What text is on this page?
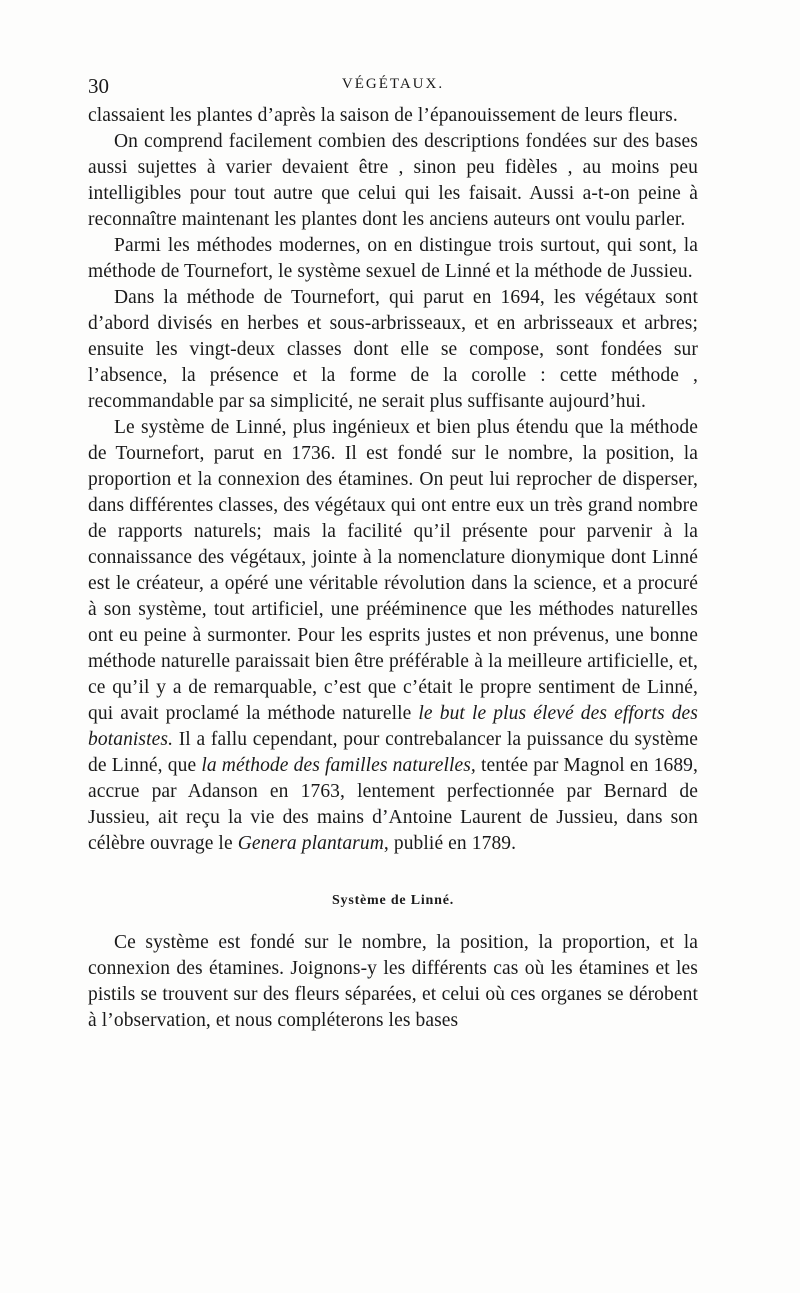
30	VÉGÉTAUX.

classaient les plantes d’après la saison de l’épanouissement de leurs fleurs.

On comprend facilement combien des descriptions fondées sur des bases aussi sujettes à varier devaient être , sinon peu fidèles , au moins peu intelligibles pour tout autre que celui qui les faisait. Aussi a-t-on peine à reconnaître maintenant les plantes dont les anciens auteurs ont voulu parler.

Parmi les méthodes modernes, on en distingue trois surtout, qui sont, la méthode de Tournefort, le système sexuel de Linné et la méthode de Jussieu.

Dans la méthode de Tournefort, qui parut en 1694, les végétaux sont d’abord divisés en herbes et sous-arbrisseaux, et en arbrisseaux et arbres; ensuite les vingt-deux classes dont elle se compose, sont fondées sur l’absence, la présence et la forme de la corolle : cette méthode , recommandable par sa simplicité, ne serait plus suffisante aujourd’hui.

Le système de Linné, plus ingénieux et bien plus étendu que la méthode de Tournefort, parut en 1736. Il est fondé sur le nombre, la position, la proportion et la connexion des étamines. On peut lui reprocher de disperser, dans différentes classes, des végétaux qui ont entre eux un très grand nombre de rapports naturels; mais la facilité qu’il présente pour parvenir à la connaissance des végétaux, jointe à la nomenclature dionymique dont Linné est le créateur, a opéré une véritable révolution dans la science, et a procuré à son système, tout artificiel, une prééminence que les méthodes naturelles ont eu peine à surmonter. Pour les esprits justes et non prévenus, une bonne méthode naturelle paraissait bien être préférable à la meilleure artificielle, et, ce qu’il y a de remarquable, c’est que c’était le propre sentiment de Linné, qui avait proclamé la méthode naturelle le but le plus élevé des efforts des botanistes. Il a fallu cependant, pour contrebalancer la puissance du système de Linné, que la méthode des familles naturelles, tentée par Magnol en 1689, accrue par Adanson en 1763, lentement perfectionnée par Bernard de Jussieu, ait reçu la vie des mains d’Antoine Laurent de Jussieu, dans son célèbre ouvrage le Genera plantarum, publié en 1789.

Système de Linné.

Ce système est fondé sur le nombre, la position, la proportion, et la connexion des étamines. Joignons-y les différents cas où les étamines et les pistils se trouvent sur des fleurs séparées, et celui où ces organes se dérobent à l’observation, et nous compléterons les bases
